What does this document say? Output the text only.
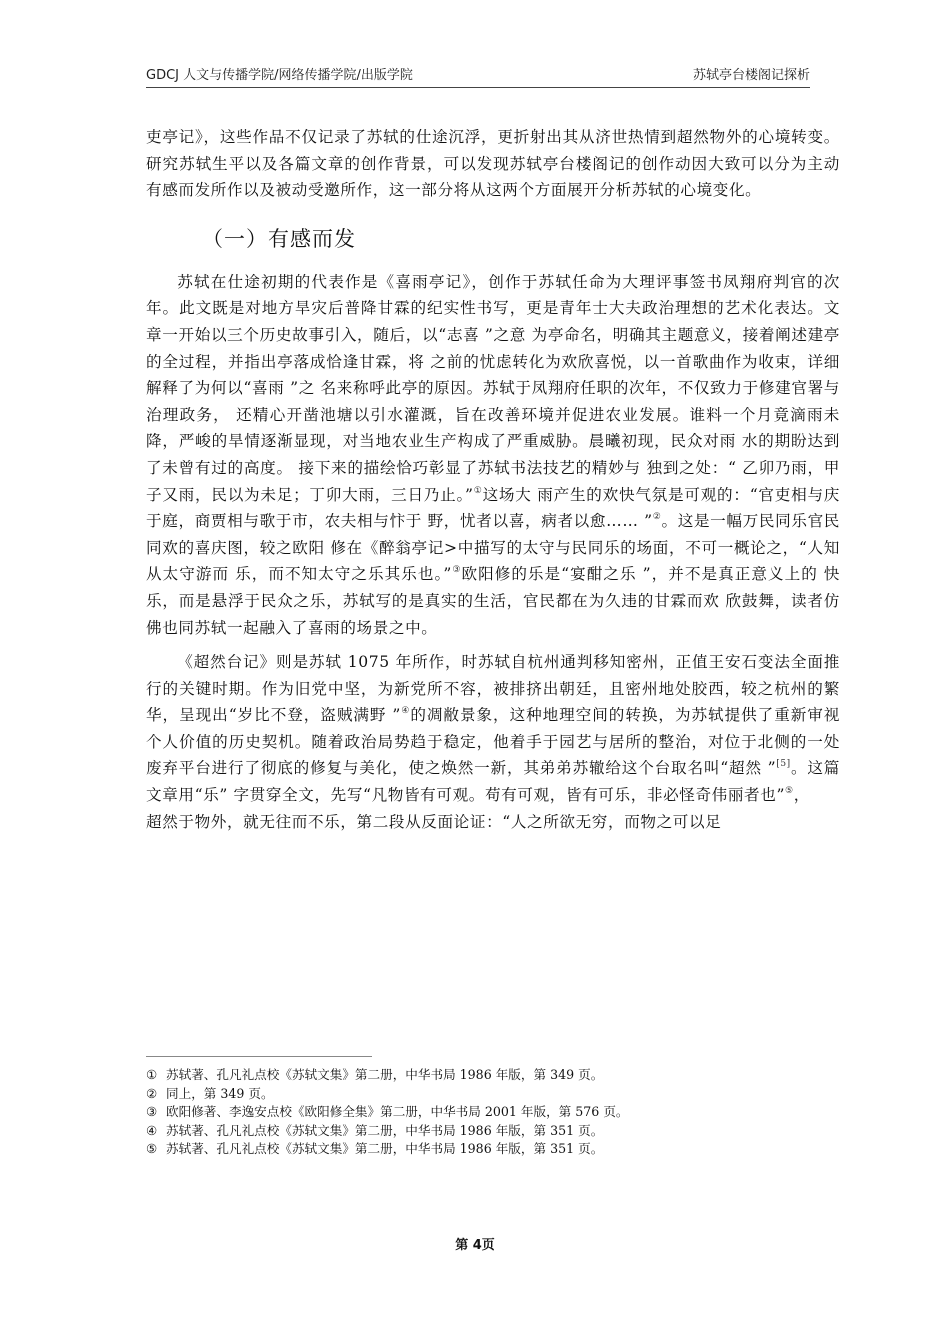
GDCJ 人文与传播学院/网络传播学院/出版学院	苏轼亭台楼阁记探析

吏亭记》，这些作品不仅记录了苏轼的仕途沉浮，更折射出其从济世热情到超然物外的心境转变。研究苏轼生平以及各篇文章的创作背景，可以发现苏轼亭台楼阁记的创作动因大致可以分为主动有感而发所作以及被动受邀所作，这一部分将从这两个方面展开分析苏轼的心境变化。

（一）有感而发

苏轼在仕途初期的代表作是《喜雨亭记》，创作于苏轼任命为大理评事签书凤翔府判官的次年。此文既是对地方旱灾后普降甘霖的纪实性书写，更是青年士大夫政治理想的艺术化表达。文章一开始以三个历史故事引入，随后，以“志喜 ”之意 为亭命名，明确其主题意义，接着阐述建亭的全过程，并指出亭落成恰逢甘霖，将 之前的忧虑转化为欢欣喜悦，以一首歌曲作为收束，详细解释了为何以“喜雨 ”之 名来称呼此亭的原因。苏轼于凤翔府任职的次年，不仅致力于修建官署与治理政务， 还精心开凿池塘以引水灌溉，旨在改善环境并促进农业发展。谁料一个月竟滴雨未 降，严峻的旱情逐渐显现，对当地农业生产构成了严重威胁。晨曦初现，民众对雨 水的期盼达到了未曾有过的高度。 接下来的描绘恰巧彰显了苏轼书法技艺的精妙与 独到之处：“ 乙卯乃雨，甲子又雨，民以为未足；丁卯大雨，三日乃止。”①这场大 雨产生的欢快气氛是可观的：“官吏相与庆于庭，商贾相与歌于市，农夫相与忭于 野，忧者以喜，病者以愈…… ”②。这是一幅万民同乐官民同欢的喜庆图，较之欧阳 修在《醉翁亭记>中描写的太守与民同乐的场面，不可一概论之，“人知从太守游而 乐，而不知太守之乐其乐也。”③欧阳修的乐是“宴酣之乐 ”，并不是真正意义上的 快乐，而是悬浮于民众之乐，苏轼写的是真实的生活，官民都在为久违的甘霖而欢 欣鼓舞，读者仿佛也同苏轼一起融入了喜雨的场景之中。

《超然台记》则是苏轼 1075 年所作，时苏轼自杭州通判移知密州，正值王安石变法全面推行的关键时期。作为旧党中坚，为新党所不容，被排挤出朝廷，且密州地处胶西，较之杭州的繁华，呈现出“岁比不登，盗贼满野 ”④的凋敝景象，这种地理空间的转换，为苏轼提供了重新审视个人价值的历史契机。随着政治局势趋于稳定，他着手于园艺与居所的整治，对位于北侧的一处废弃平台进行了彻底的修复与美化，使之焕然一新，其弟弟苏辙给这个台取名叫“超然 ”[5]。这篇文章用“乐” 字贯穿全文，先写“凡物皆有可观。苟有可观，皆有可乐，非必怪奇伟丽者也”⑤，

超然于物外，就无往而不乐，第二段从反面论证：“人之所欲无穷，而物之可以足

① 苏轼著、孔凡礼点校《苏轼文集》第二册，中华书局 1986 年版，第 349 页。
② 同上，第 349 页。
③ 欧阳修著、李逸安点校《欧阳修全集》第二册，中华书局 2001 年版，第 576 页。
④ 苏轼著、孔凡礼点校《苏轼文集》第二册，中华书局 1986 年版，第 351 页。
⑤ 苏轼著、孔凡礼点校《苏轼文集》第二册，中华书局 1986 年版，第 351 页。
第 4页
